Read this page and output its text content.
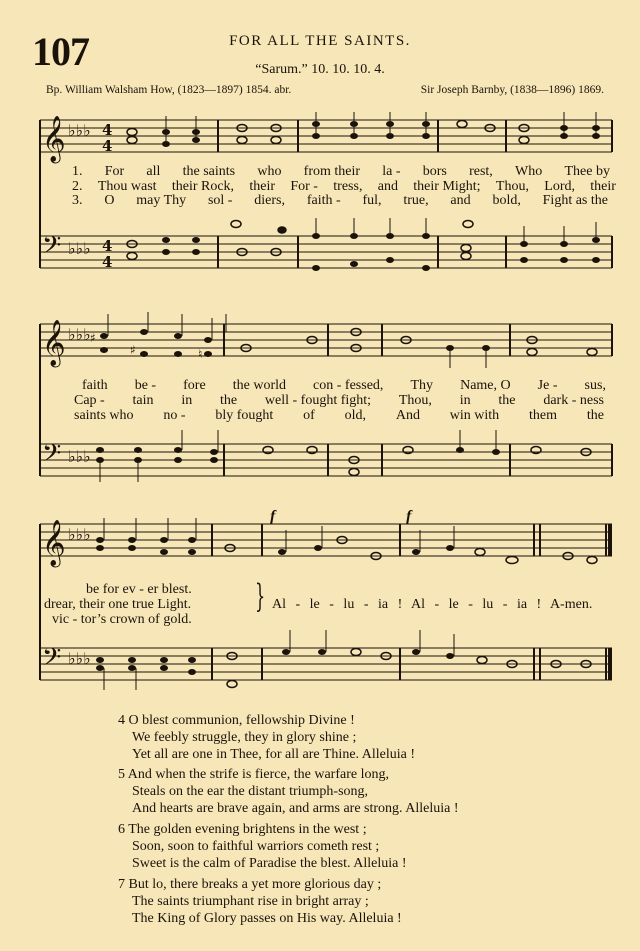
107	FOR ALL THE SAINTS.
“Sarum.” 10. 10. 10. 4.
Bp. William Walsham How, (1823—1897) 1854. abr.	Sir Joseph Barnby, (1838—1896) 1869.
𝄞
𝄢
♭♭♭
♭♭♭
4
4
4
4
1. For all the saints who from their la - bors rest, Who Thee by
2. Thou wast their Rock, their For - tress, and their Might; Thou, Lord, their
3. O may Thy sol - diers, faith - ful, true, and bold, Fight as the
𝄞
𝄢
♭♭♭
♭♭♭
♯
♯	♮
faith be - fore the world con - fessed, Thy Name, O Je - sus,
Cap - tain in the well - fought fight; Thou, in the dark - ness
saints who no - bly fought of old, And win with them the
𝄞
𝄢
♭♭♭
♭♭♭
f	f
be for ev - er blest.
drear, their one true Light.
vic - tor’s crown of gold.
} Al - le - lu - ia ! Al - le - lu - ia ! A-men.
4 O blest communion, fellowship Divine !
We feebly struggle, they in glory shine ;
Yet all are one in Thee, for all are Thine. Alleluia !
5 And when the strife is fierce, the warfare long,
Steals on the ear the distant triumph-song,
And hearts are brave again, and arms are strong. Alleluia !
6 The golden evening brightens in the west ;
Soon, soon to faithful warriors cometh rest ;
Sweet is the calm of Paradise the blest. Alleluia !
7 But lo, there breaks a yet more glorious day ;
The saints triumphant rise in bright array ;
The King of Glory passes on His way. Alleluia !
